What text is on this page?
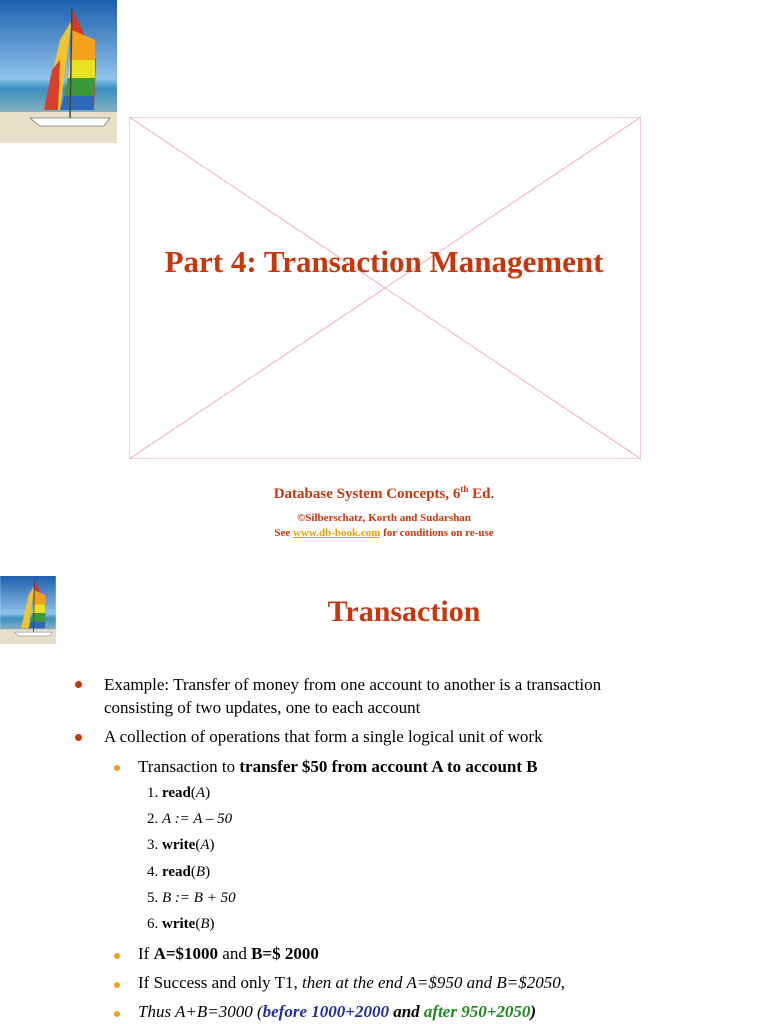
Part 4: Transaction Management
Database System Concepts, 6th Ed.
©Silberschatz, Korth and Sudarshan
See www.db-book.com for conditions on re-use
Transaction
Example: Transfer of money from one account to another is a transaction
consisting of two updates, one to each account
A collection of operations that form a single logical unit of work
Transaction to transfer $50 from account A to account B
1. read(A)
2. A := A – 50
3. write(A)
4. read(B)
5. B := B + 50
6. write(B)
If A=$1000 and B=$ 2000
If Success and only T1, then at the end A=$950 and B=$2050,
Thus A+B=3000 (before 1000+2000 and after 950+2050)
